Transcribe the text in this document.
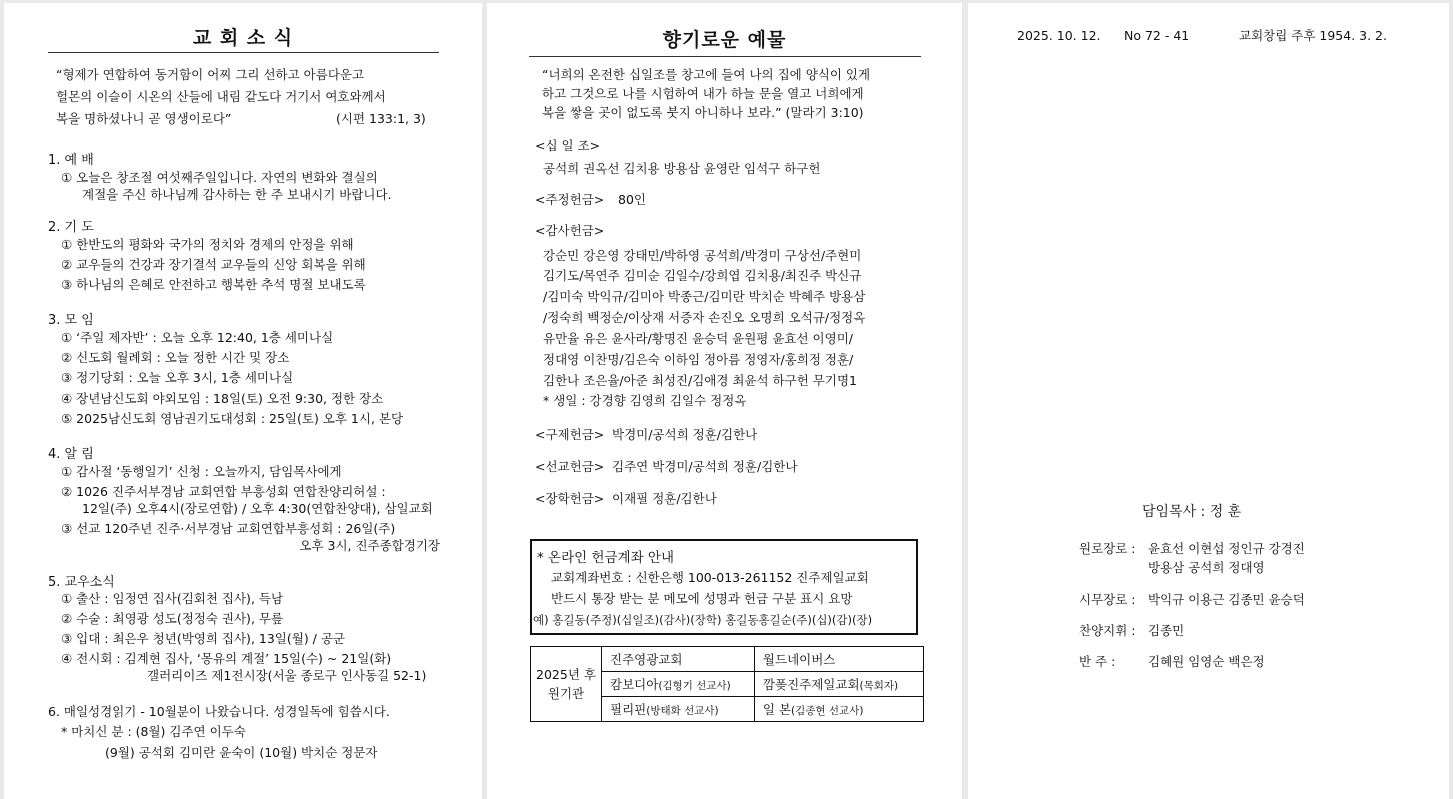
교 회 소 식
“형제가 연합하여 동거함이 어찌 그리 선하고 아름다운고
헐몬의 이슬이 시온의 산들에 내림 같도다 거기서 여호와께서
복을 명하셨나니 곧 영생이로다”	(시편 133:1, 3)
1. 예 배
① 오늘은 창조절 여섯째주일입니다. 자연의 변화와 결실의
계절을 주신 하나님께 감사하는 한 주 보내시기 바랍니다.
2. 기 도
① 한반도의 평화와 국가의 정치와 경제의 안정을 위해
② 교우들의 건강과 장기결석 교우들의 신앙 회복을 위해
③ 하나님의 은혜로 안전하고 행복한 추석 명절 보내도록
3. 모 임
① ‘주일 제자반’ : 오늘 오후 12:40, 1층 세미나실
② 신도회 월례회 : 오늘 정한 시간 및 장소
③ 정기당회 : 오늘 오후 3시, 1층 세미나실
④ 장년남신도회 야외모임 : 18일(토) 오전 9:30, 정한 장소
⑤ 2025남신도회 영남권기도대성회 : 25일(토) 오후 1시, 본당
4. 알 림
① 감사절 ‘동행일기’ 신청 : 오늘까지, 담임목사에게
② 1026 진주서부경남 교회연합 부흥성회 연합찬양리허설 :
12일(주) 오후4시(장로연합) / 오후 4:30(연합찬양대), 삼일교회
③ 선교 120주년 진주·서부경남 교회연합부흥성회 : 26일(주)
오후 3시, 진주종합경기장
5. 교우소식
① 출산 : 임정연 집사(김회천 집사), 득남
② 수술 : 최영광 성도(정정숙 권사), 무릎
③ 입대 : 최은우 청년(박영희 집사), 13일(월) / 공군
④ 전시회 : 김계현 집사, ‘몽유의 계절’ 15일(수) ~ 21일(화)
갤러리이즈 제1전시장(서울 종로구 인사동길 52-1)
6. 매일성경읽기 - 10월분이 나왔습니다. 성경일독에 힘씁시다.
* 마치신 분 : (8월) 김주연 이두숙
(9월) 공석회 김미란 윤숙이 (10월) 박치순 정문자
향기로운 예물
“너희의 온전한 십일조를 창고에 들여 나의 집에 양식이 있게
하고 그것으로 나를 시험하여 내가 하늘 문을 열고 너희에게
복을 쌓을 곳이 없도록 붓지 아니하나 보라.” (말라기 3:10)
<십 일 조>
공석희 권옥선 김치용 방용삼 윤영란 임석구 하구헌
<주정헌금> 80인
<감사헌금>
강순민 강은영 강태민/박하영 공석희/박경미 구상선/주현미
김기도/목연주 김미순 김일수/강희엽 김치용/최진주 박신규
/김미숙 박익규/김미아 박종근/김미란 박치순 박혜주 방용삼
/정숙희 백정순/이상재 서증자 손진오 오명희 오석규/정정옥
유만율 유은 윤사라/황명진 윤승덕 윤원평 윤효선 이영미/
정대영 이찬명/김은숙 이하임 정아름 정영자/홍희정 정훈/
김한나 조은율/아준 최성진/김애경 최윤석 하구헌 무기명1
* 생일 : 강경향 김영희 김일수 정정옥
<구제헌금> 박경미/공석희 정훈/김한나
<선교헌금> 김주연 박경미/공석희 정훈/김한나
<장학헌금> 이재필 정훈/김한나
* 온라인 헌금계좌 안내
교회계좌번호 : 신한은행 100-013-261152 진주제일교회
반드시 통장 받는 분 메모에 성명과 헌금 구분 표시 요망
예) 홍길동(주정)(십일조)(감사)(장학) 홍길동홍길순(주)(십)(감)(장)
2025년 후원기관	진주영광교회	월드네이버스
	캄보디아(김형기 선교사)	깜퐂진주제일교회(목회자)
	필리핀(방태화 선교사)	일 본(김종현 선교사)
2025. 10. 12. No 72 - 41	교회창립 주후 1954. 3. 2.
담임목사 : 정 훈
원로장로 : 윤효선 이현섭 정인규 강경진
방용삼 공석희 정대영
시무장로 : 박익규 이용근 김종민 윤승덕
찬양지휘 : 김종민
반 주 :	김혜원 임영순 백은정
